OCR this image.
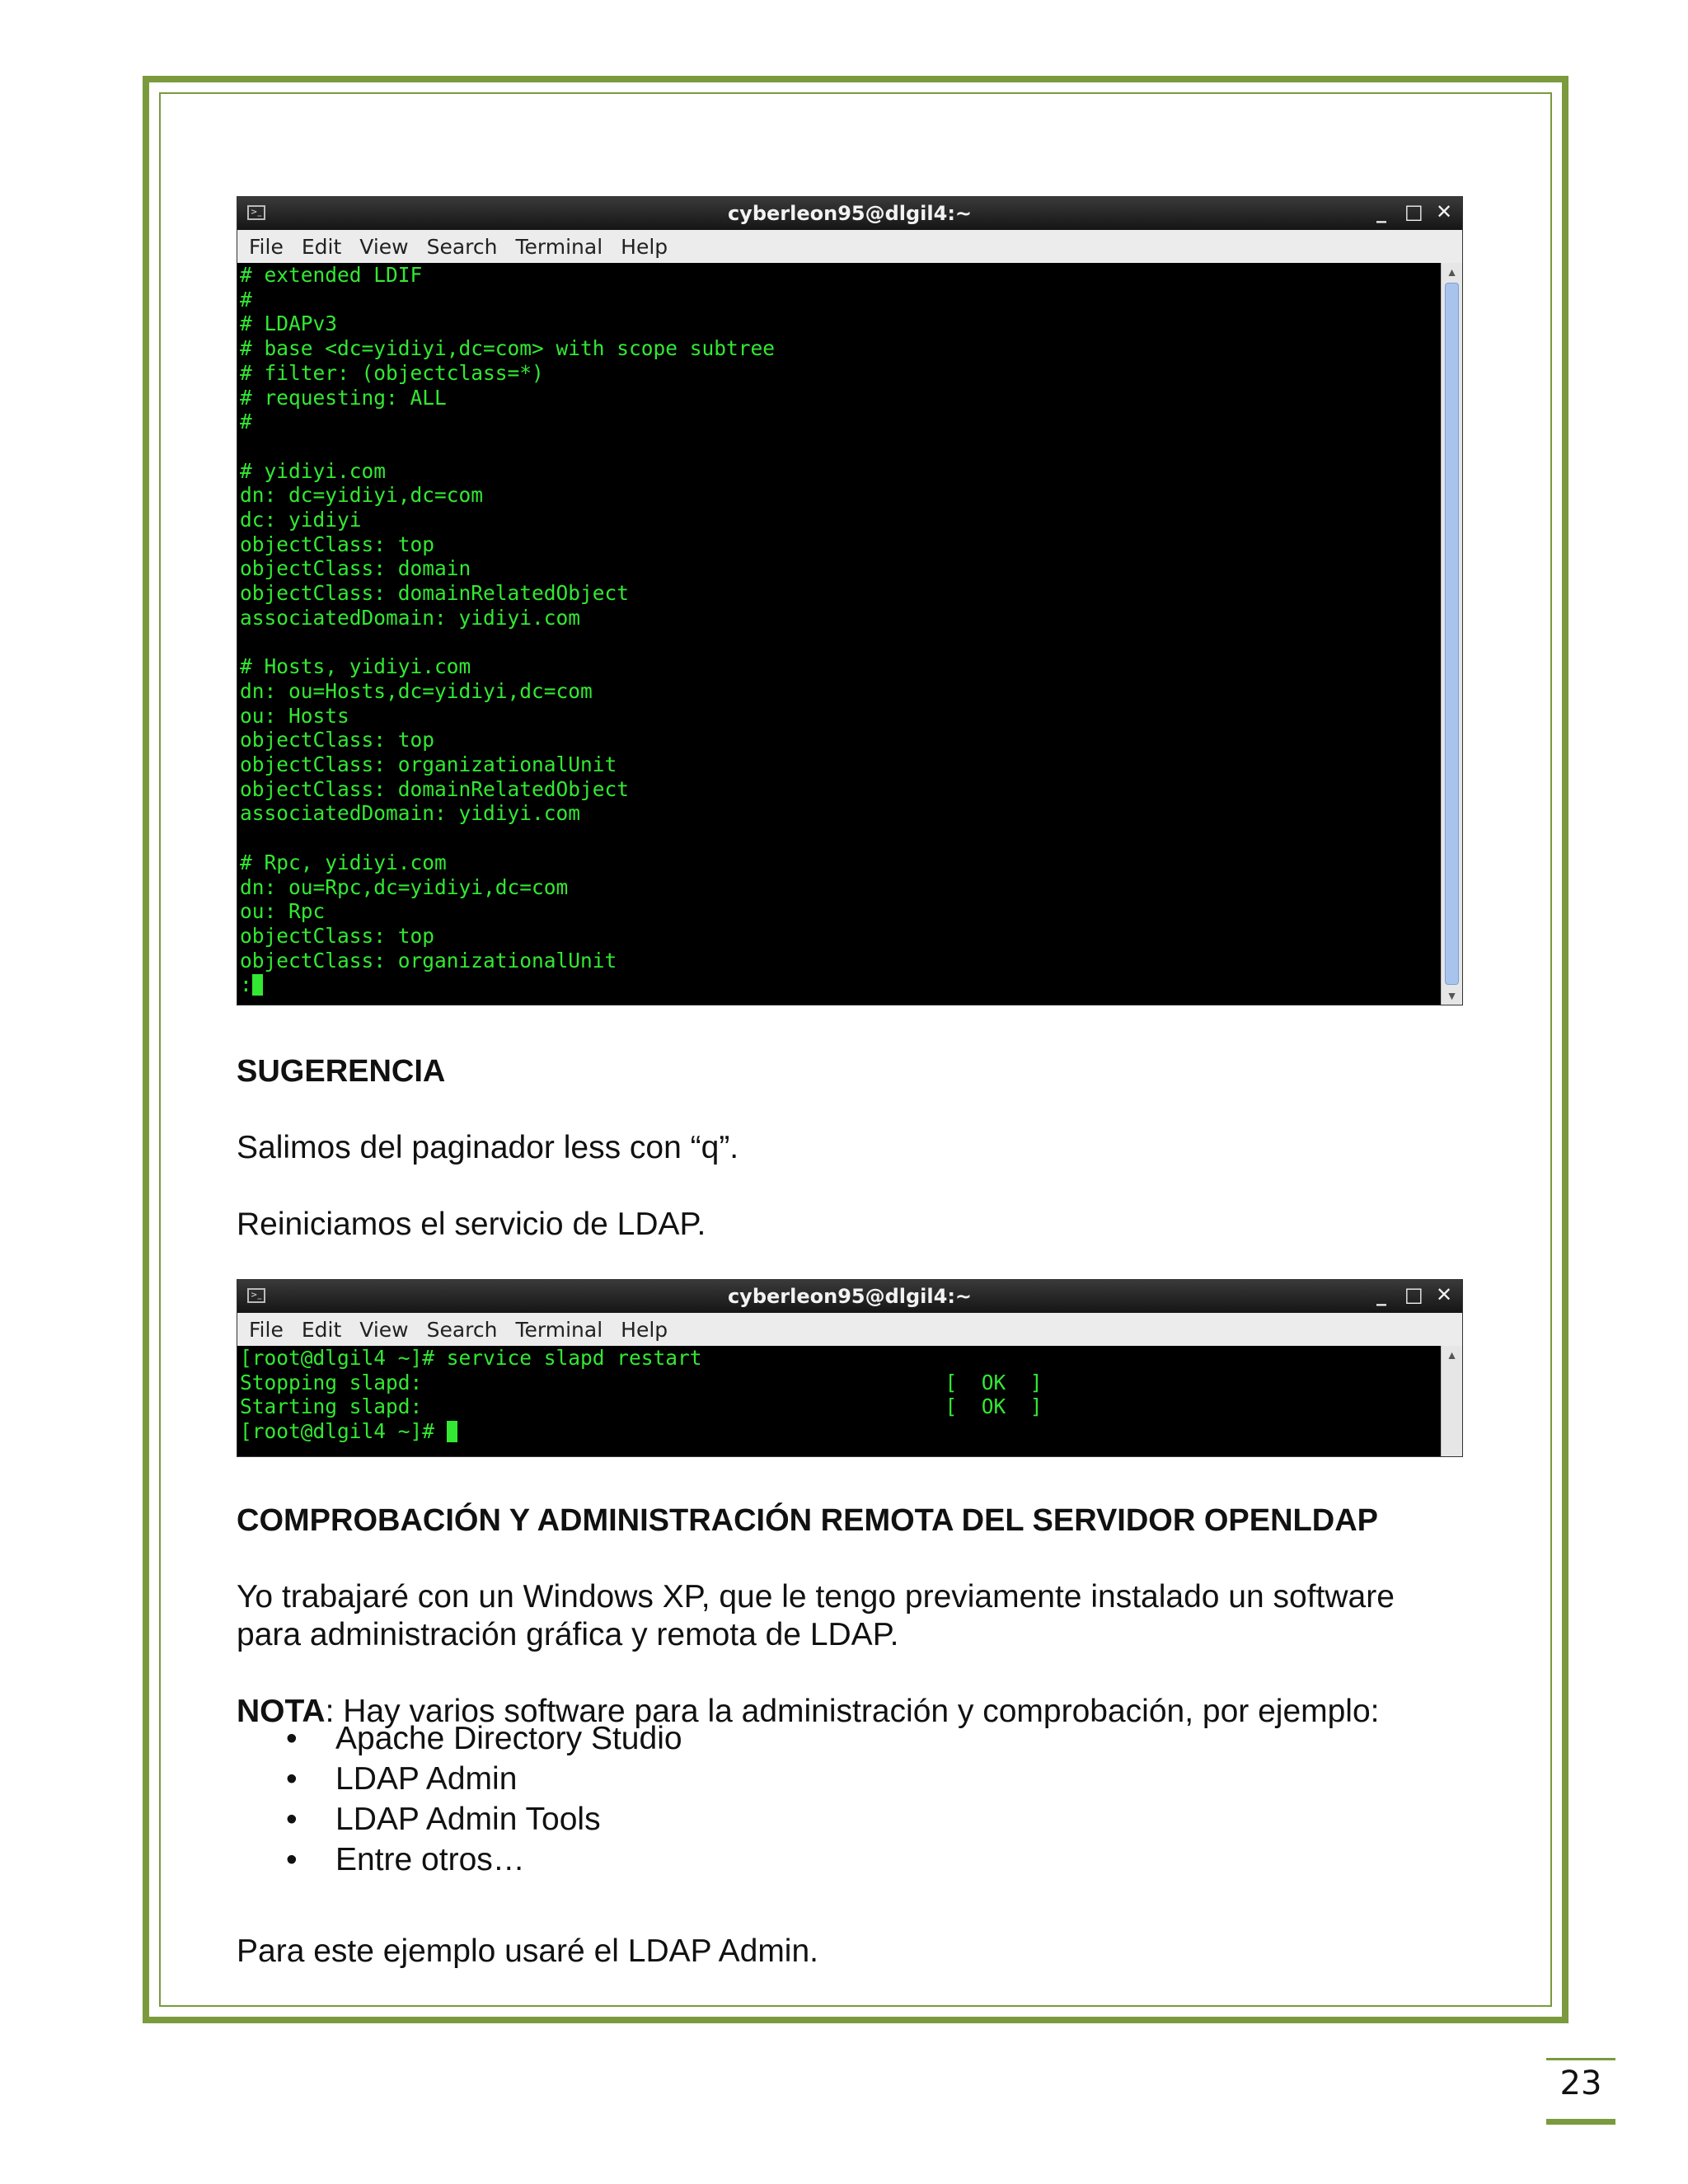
>_	cyberleon95@dlgil4:~	_ □ ✕
File Edit View Search Terminal Help
# extended LDIF
#
# LDAPv3
# base <dc=yidiyi,dc=com> with scope subtree
# filter: (objectclass=*)
# requesting: ALL
#

# yidiyi.com
dn: dc=yidiyi,dc=com
dc: yidiyi
objectClass: top
objectClass: domain
objectClass: domainRelatedObject
associatedDomain: yidiyi.com

# Hosts, yidiyi.com
dn: ou=Hosts,dc=yidiyi,dc=com
ou: Hosts
objectClass: top
objectClass: organizationalUnit
objectClass: domainRelatedObject
associatedDomain: yidiyi.com

# Rpc, yidiyi.com
dn: ou=Rpc,dc=yidiyi,dc=com
ou: Rpc
objectClass: top
objectClass: organizationalUnit
:
▲
▼
SUGERENCIA
Salimos del paginador less con “q”.
Reiniciamos el servicio de LDAP.
>_	cyberleon95@dlgil4:~	_ □ ✕
File Edit View Search Terminal Help
[root@dlgil4 ~]# service slapd restart
Stopping slapd:                                           [  OK  ]
Starting slapd:                                           [  OK  ]
[root@dlgil4 ~]#
▲
COMPROBACIÓN Y ADMINISTRACIÓN REMOTA DEL SERVIDOR OPENLDAP
Yo trabajaré con un Windows XP, que le tengo previamente instalado un software para administración gráfica y remota de LDAP.
NOTA: Hay varios software para la administración y comprobación, por ejemplo:
• Apache Directory Studio
• LDAP Admin
• LDAP Admin Tools
• Entre otros…
Para este ejemplo usaré el LDAP Admin.
23
